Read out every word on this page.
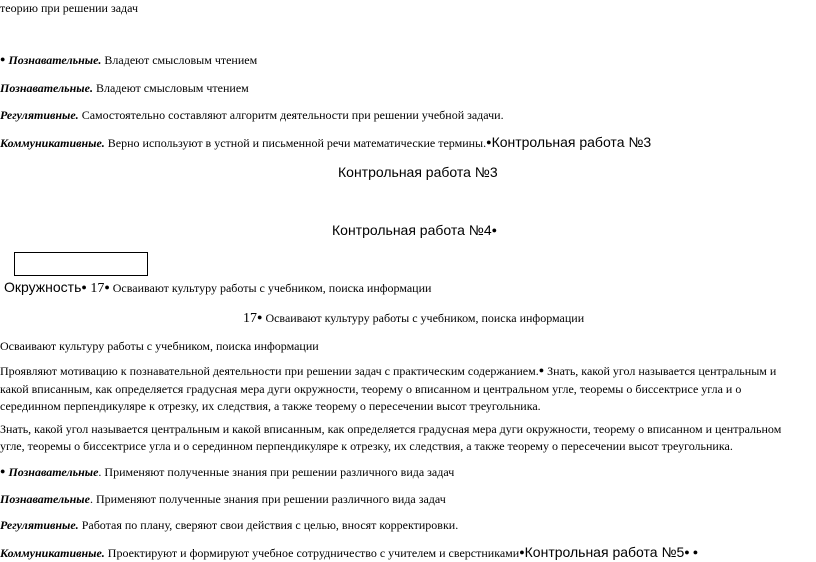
теорию при решении задач
● Познавательные. Владеют смысловым чтением
Познавательные. Владеют смысловым чтением
Регулятивные. Самостоятельно составляют алгоритм деятельности при решении учебной задачи.
Коммуникативные. Верно используют в устной и письменной речи математические термины.●Контрольная работа №3
Контрольная работа №3
Контрольная работа №4●
Окружность● 17● Осваивают культуру работы с учебником, поиска информации
17● Осваивают культуру работы с учебником, поиска информации
Осваивают культуру работы с учебником, поиска информации
Проявляют мотивацию к познавательной деятельности при решении задач с практическим содержанием.● Знать, какой угол называется центральным и какой вписанным, как определяется градусная мера дуги окружности, теорему о вписанном и центральном угле, теоремы о биссектрисе угла и о серединном перпендикуляре к отрезку, их следствия, а также теорему о пересечении высот треугольника.
Знать, какой угол называется центральным и какой вписанным, как определяется градусная мера дуги окружности, теорему о вписанном и центральном угле, теоремы о биссектрисе угла и о серединном перпендикуляре к отрезку, их следствия, а также теорему о пересечении высот треугольника.
● Познавательные. Применяют полученные знания при решении различного вида задач
Познавательные. Применяют полученные знания при решении различного вида задач
Регулятивные. Работая по плану, сверяют свои действия с целью, вносят корректировки.
Коммуникативные. Проектируют и формируют учебное сотрудничество с учителем и сверстниками●Контрольная работа №5● ●
